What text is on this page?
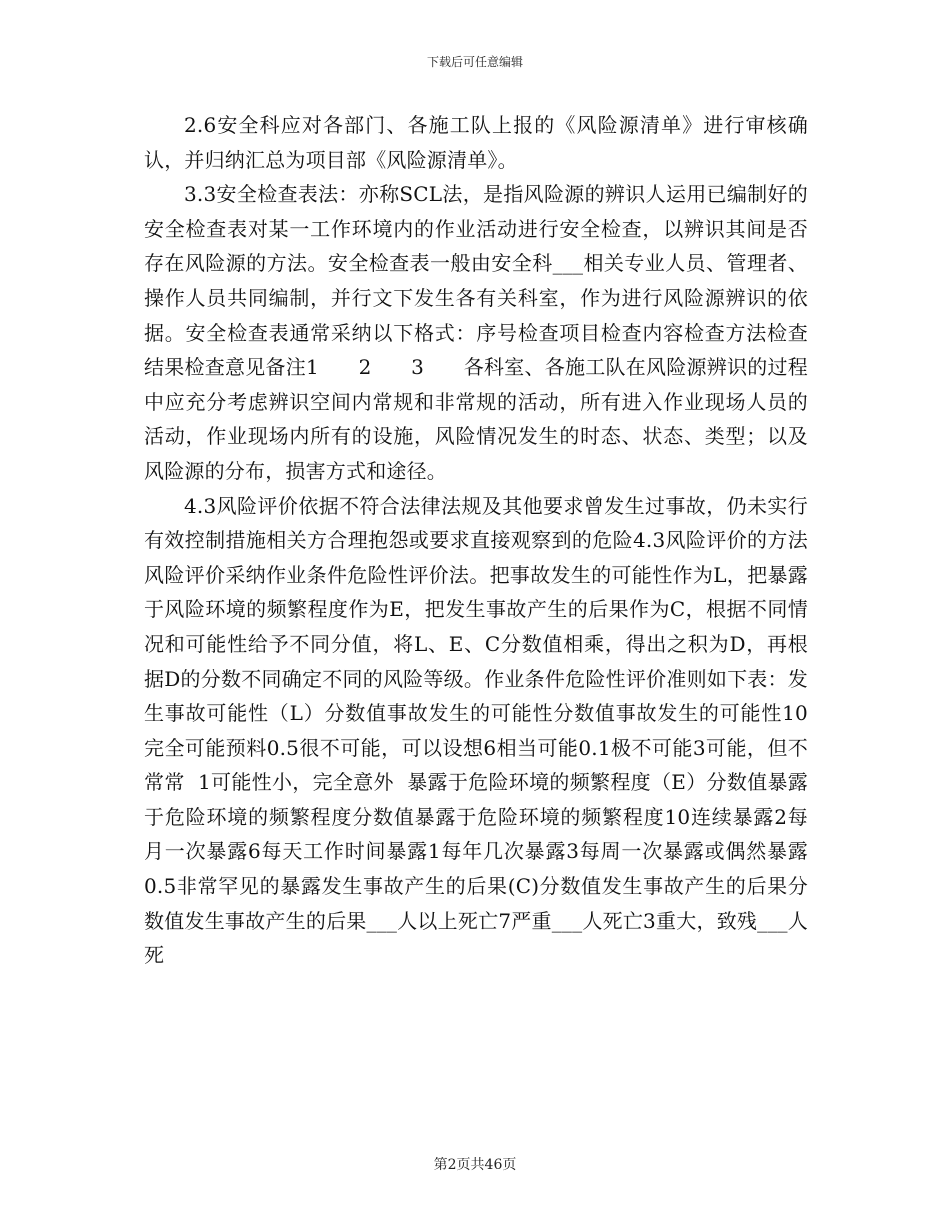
下载后可任意编辑

2.6安全科应对各部门、各施工队上报的《风险源清单》进行审核确认，并归纳汇总为项目部《风险源清单》。

3.3安全检查表法：亦称SCL法，是指风险源的辨识人运用已编制好的安全检查表对某一工作环境内的作业活动进行安全检查，以辨识其间是否存在风险源的方法。安全检查表一般由安全科___相关专业人员、管理者、操作人员共同编制，并行文下发生各有关科室，作为进行风险源辨识的依据。安全检查表通常采纳以下格式：序号检查项目检查内容检查方法检查结果检查意见备注1      2      3      各科室、各施工队在风险源辨识的过程中应充分考虑辨识空间内常规和非常规的活动，所有进入作业现场人员的活动，作业现场内所有的设施，风险情况发生的时态、状态、类型；以及风险源的分布，损害方式和途径。

4.3风险评价依据不符合法律法规及其他要求曾发生过事故，仍未实行有效控制措施相关方合理抱怨或要求直接观察到的危险4.3风险评价的方法风险评价采纳作业条件危险性评价法。把事故发生的可能性作为L，把暴露于风险环境的频繁程度作为E，把发生事故产生的后果作为C，根据不同情况和可能性给予不同分值，将L、E、C分数值相乘，得出之积为D，再根据D的分数不同确定不同的风险等级。作业条件危险性评价准则如下表：发生事故可能性（L）分数值事故发生的可能性分数值事故发生的可能性10完全可能预料0.5很不可能，可以设想6相当可能0.1极不可能3可能，但不常常  1可能性小，完全意外  暴露于危险环境的频繁程度（E）分数值暴露于危险环境的频繁程度分数值暴露于危险环境的频繁程度10连续暴露2每月一次暴露6每天工作时间暴露1每年几次暴露3每周一次暴露或偶然暴露0.5非常罕见的暴露发生事故产生的后果(C)分数值发生事故产生的后果分数值发生事故产生的后果___人以上死亡7严重___人死亡3重大，致残___人死

第2页共46页
